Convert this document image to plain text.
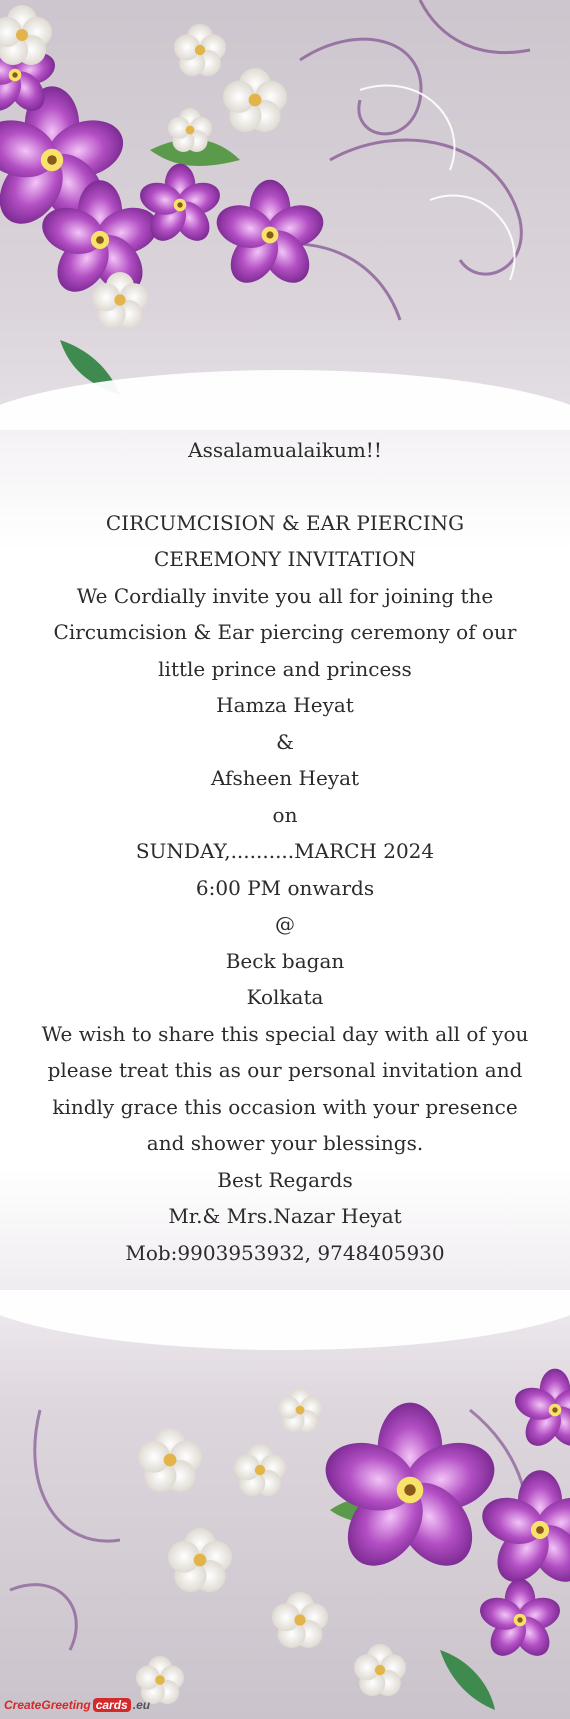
Assalamualaikum!!

CIRCUMCISION & EAR PIERCING CEREMONY INVITATION

We Cordially invite you all for joining the Circumcision & Ear piercing ceremony of our little prince and princess

Hamza Heyat

&

Afsheen Heyat

on

SUNDAY,..........MARCH 2024

6:00 PM onwards

@

Beck bagan

Kolkata

We wish to share this special day with all of you please treat this as our personal invitation and kindly grace this occasion with your presence and shower your blessings.

Best Regards

Mr.& Mrs.Nazar Heyat

Mob:9903953932, 9748405930

CreateGreeting cards .eu
